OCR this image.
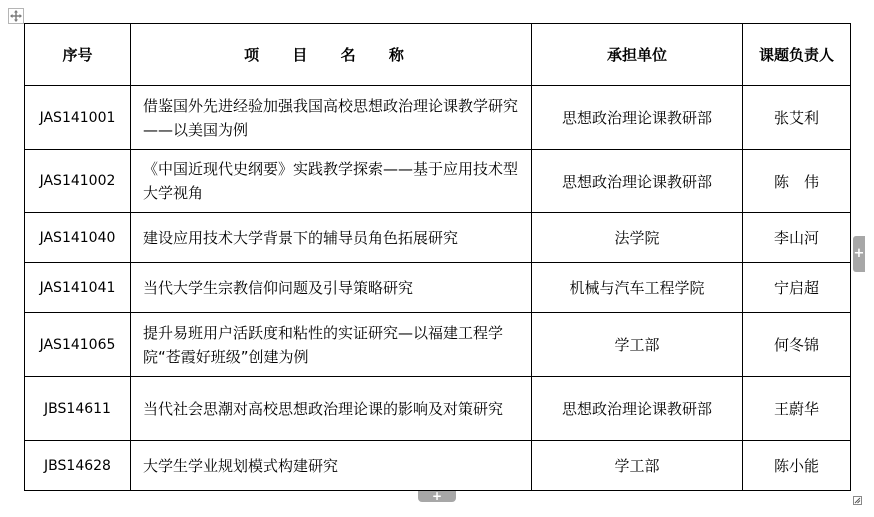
序号	项 目 名 称	承担单位	课题负责人
JAS141001	借鉴国外先进经验加强我国高校思想政治理论课教学研究——以美国为例	思想政治理论课教研部	张艾利
JAS141002	《中国近现代史纲要》实践教学探索——基于应用技术型大学视角	思想政治理论课教研部	陈　伟
JAS141040	建设应用技术大学背景下的辅导员角色拓展研究	法学院	李山河
JAS141041	当代大学生宗教信仰问题及引导策略研究	机械与汽车工程学院	宁启超
JAS141065	提升易班用户活跃度和粘性的实证研究—以福建工程学院“苍霞好班级”创建为例	学工部	何冬锦
JBS14611	当代社会思潮对高校思想政治理论课的影响及对策研究	思想政治理论课教研部	王蔚华
JBS14628	大学生学业规划模式构建研究	学工部	陈小能
+
+
